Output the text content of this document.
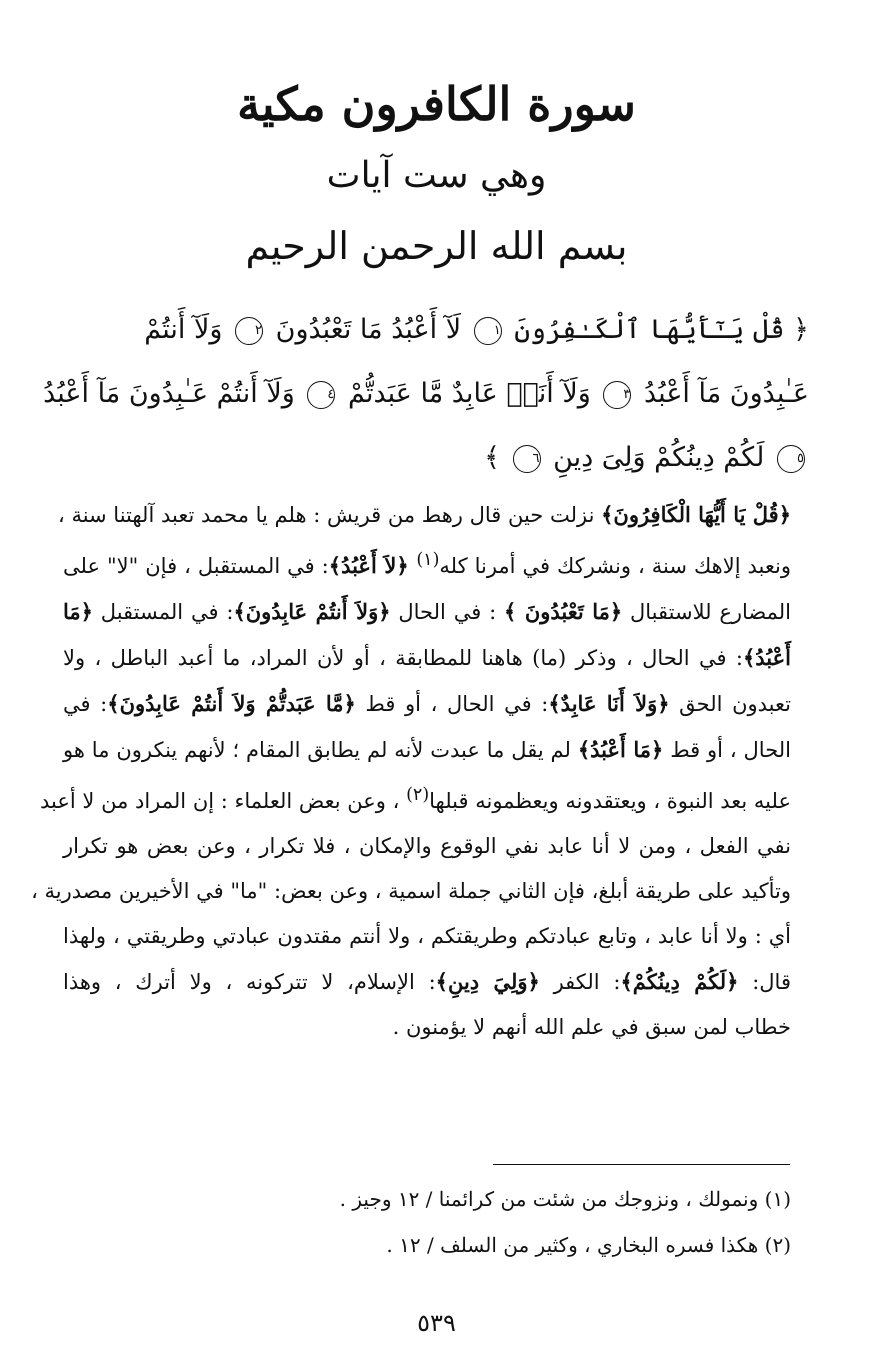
سورة الكافرون مكية
وهي ست آيات
بسم الله الرحمن الرحيم
﴿ قُلْ يَـٰٓأَيُّهَا ٱلْكَـٰفِرُونَ ١ لَآ أَعْبُدُ مَا تَعْبُدُونَ ٢ وَلَآ أَنتُمْ
عَـٰبِدُونَ مَآ أَعْبُدُ ٣ وَلَآ أَنَا۠ عَابِدٌ مَّا عَبَدتُّمْ ٤ وَلَآ أَنتُمْ عَـٰبِدُونَ مَآ أَعْبُدُ
٥ لَكُمْ دِينُكُمْ وَلِىَ دِينِ ٦ ﴾
﴿قُلْ يَا أَيُّهَا الْكَافِرُونَ﴾ نزلت حين قال رهط من قريش : هلم يا محمد تعبد آلهتنا سنة ،
ونعبد إلاهك سنة ، ونشركك في أمرنا كله$^{(١)}$ ﴿لاَ أَعْبُدُ﴾: في المستقبل ، فإن "لا" على
المضارع للاستقبال ﴿مَا تَعْبُدُونَ ﴾ : في الحال ﴿وَلاَ أَنتُمْ عَابِدُونَ﴾: في المستقبل ﴿مَا
أَعْبُدُ﴾: في الحال ، وذكر (ما) هاهنا للمطابقة ، أو لأن المراد، ما أعبد الباطل ، ولا
تعبدون الحق ﴿وَلاَ أَنَا عَابِدٌ﴾: في الحال ، أو قط ﴿مَّا عَبَدتُّمْ وَلاَ أَنتُمْ عَابِدُونَ﴾: في
الحال ، أو قط ﴿مَا أَعْبُدُ﴾ لم يقل ما عبدت لأنه لم يطابق المقام ؛ لأنهم ينكرون ما هو
عليه بعد النبوة ، ويعتقدونه ويعظمونه قبلها$^{(٢)}$ ، وعن بعض العلماء : إن المراد من لا أعبد
نفي الفعل ، ومن لا أنا عابد نفي الوقوع والإمكان ، فلا تكرار ، وعن بعض هو تكرار
وتأكيد على طريقة أبلغ، فإن الثاني جملة اسمية ، وعن بعض: "ما" في الأخيرين مصدرية ،
أي : ولا أنا عابد ، وتابع عبادتكم وطريقتكم ، ولا أنتم مقتدون عبادتي وطريقتي ، ولهذا
قال: ﴿لَكُمْ دِينُكُمْ﴾: الكفر ﴿وَلِيَ دِينِ﴾: الإسلام، لا تتركونه ، ولا أترك ، وهذا
خطاب لمن سبق في علم الله أنهم لا يؤمنون .
(١) ونمولك ، ونزوجك من شئت من كرائمنا / ١٢ وجيز .
(٢) هكذا فسره البخاري ، وكثير من السلف / ١٢ .
٥٣٩
